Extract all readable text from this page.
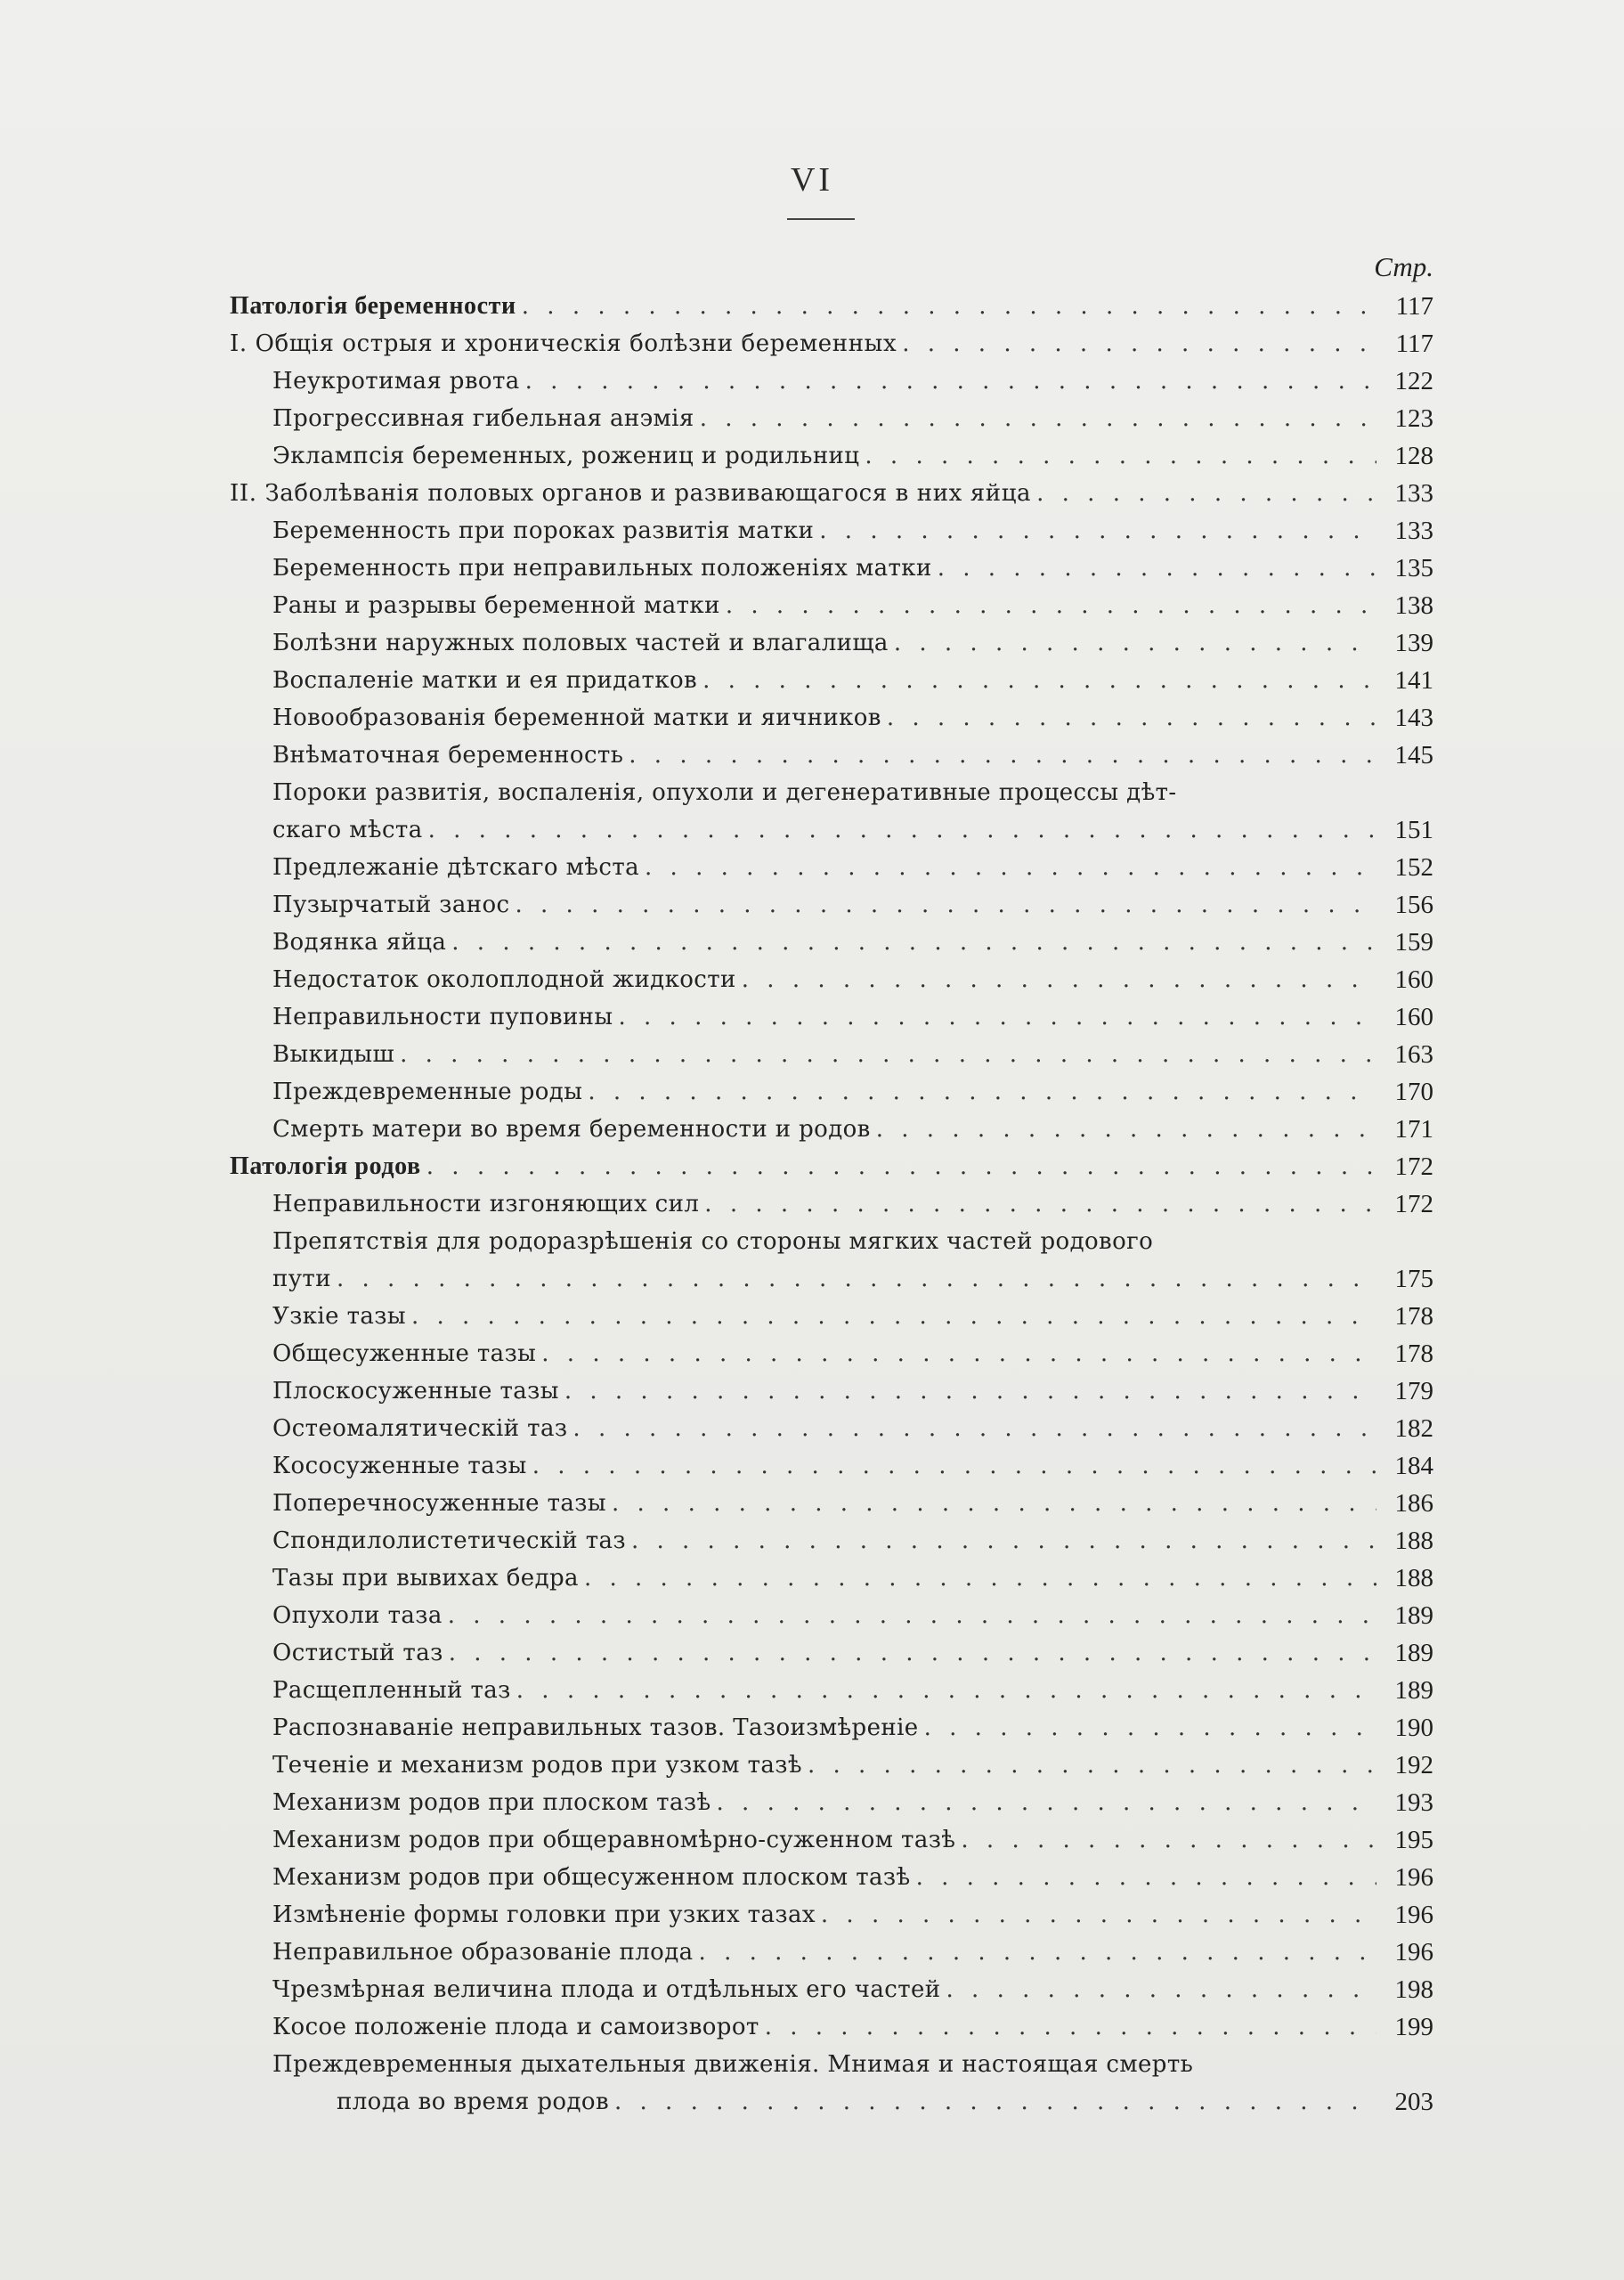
VI
Стр.
Патологія беременности . . .	117
I. Общія острыя и хроническія болѣзни беременных . . .	117
Неукротимая рвота . . .	122
Прогрессивная гибельная анэмія . . .	123
Эклампсія беременных, рожениц и родильниц . . .	128
II. Заболѣванія половых органов и развивающагося в них яйца . . .	133
Беременность при пороках развитія матки . . .	133
Беременность при неправильных положеніях матки . . .	135
Раны и разрывы беременной матки . . .	138
Болѣзни наружных половых частей и влагалища . . .	139
Воспаленіе матки и ея придатков . . .	141
Новообразованія беременной матки и яичников . . .	143
Внѣматочная беременность . . .	145
Пороки развитія, воспаленія, опухоли и дегенеративные процессы дѣт-
скаго мѣста . . .	151
Предлежаніе дѣтскаго мѣста . . .	152
Пузырчатый занос . . .	156
Водянка яйца . . .	159
Недостаток околоплодной жидкости . . .	160
Неправильности пуповины . . .	160
Выкидыш . . .	163
Преждевременные роды . . .	170
Смерть матери во время беременности и родов . . .	171
Патологія родов . . .	172
Неправильности изгоняющих сил . . .	172
Препятствія для родоразрѣшенія со стороны мягких частей родового
пути . . .	175
Узкіе тазы . . .	178
Общесуженные тазы . . .	178
Плоскосуженные тазы . . .	179
Остеомалятическій таз . . .	182
Кососуженные тазы . . .	184
Поперечносуженные тазы . . .	186
Спондилолистетическій таз . . .	188
Тазы при вывихах бедра . . .	188
Опухоли таза . . .	189
Остистый таз . . .	189
Расщепленный таз . . .	189
Распознаваніе неправильных тазов. Тазоизмѣреніе . . .	190
Теченіе и механизм родов при узком тазѣ . . .	192
Механизм родов при плоском тазѣ . . .	193
Механизм родов при общеравномѣрно-суженном тазѣ . . .	195
Механизм родов при общесуженном плоском тазѣ . . .	196
Измѣненіе формы головки при узких тазах . . .	196
Неправильное образованіе плода . . .	196
Чрезмѣрная величина плода и отдѣльных его частей . . .	198
Косое положеніе плода и самоизворот . . .	199
Преждевременныя дыхательныя движенія. Мнимая и настоящая смерть
плода во время родов . . .	203
